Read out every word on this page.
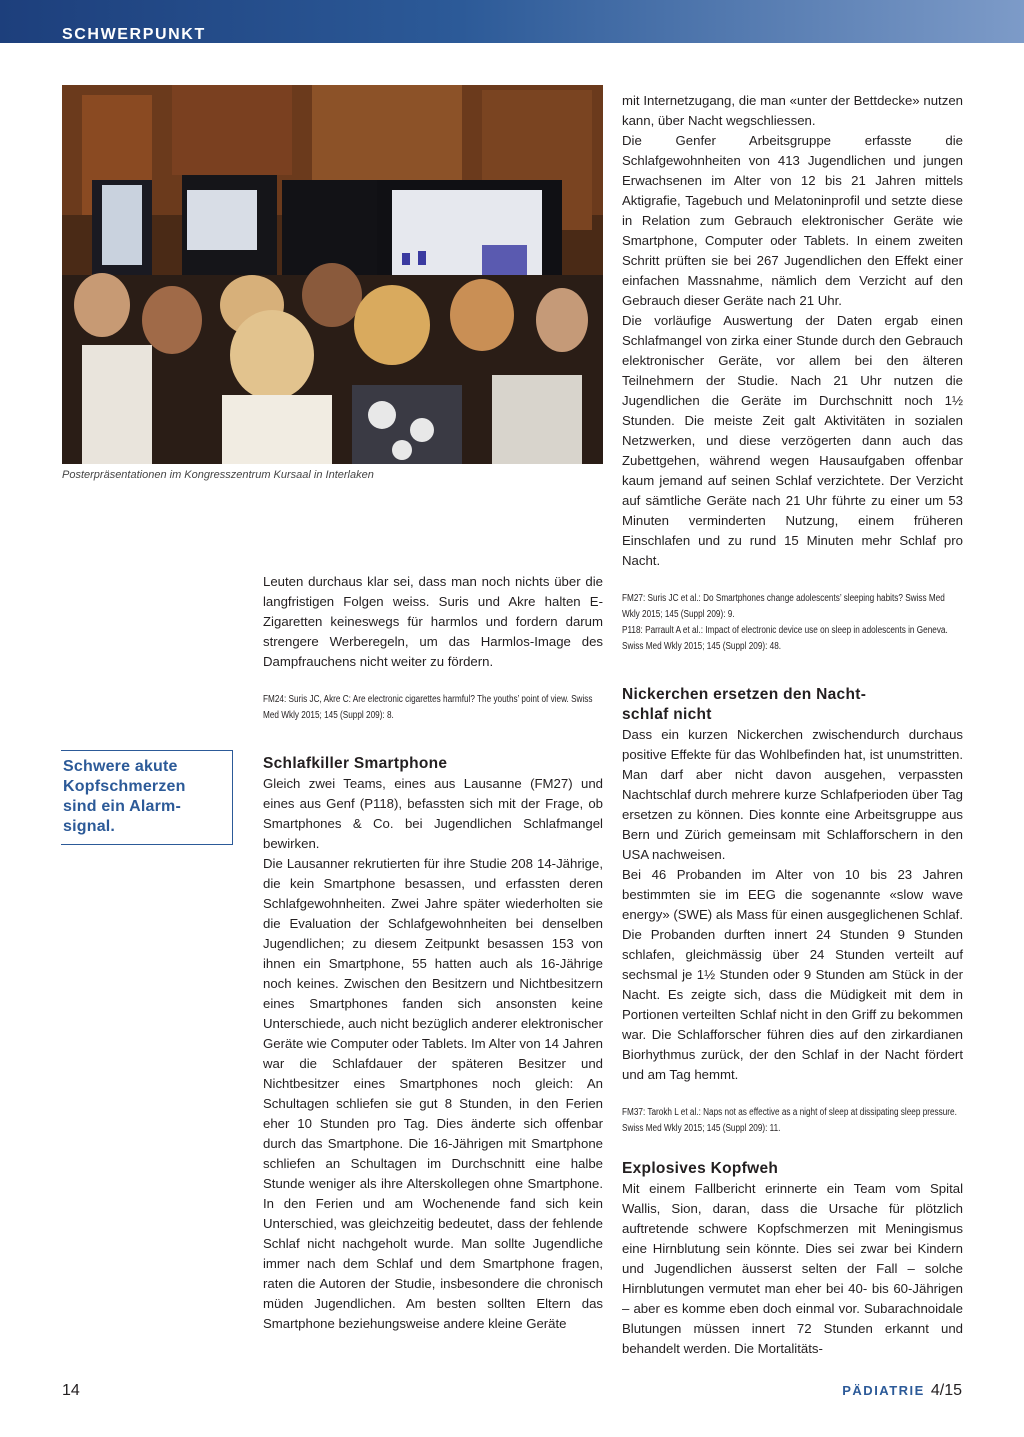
SCHWERPUNKT
Posterpräsentationen im Kongresszentrum Kursaal in Interlaken
Schwere akute
Kopfschmerzen
sind ein Alarm-
signal.

Leuten durchaus klar sei, dass man noch nichts über die langfristigen Folgen weiss. Suris und Akre halten E-Zigaretten keineswegs für harmlos und fordern darum strengere Werberegeln, um das Harmlos-Image des Dampfrauchens nicht weiter zu fördern.

FM24: Suris JC, Akre C: Are electronic cigarettes harmful? The youths’ point of view. Swiss Med Wkly 2015; 145 (Suppl 209): 8.

Schlafkiller Smartphone

Gleich zwei Teams, eines aus Lausanne (FM27) und eines aus Genf (P118), befassten sich mit der Frage, ob Smartphones & Co. bei Jugendlichen Schlafmangel bewirken.

Die Lausanner rekrutierten für ihre Studie 208 14-Jährige, die kein Smartphone besassen, und erfassten deren Schlafgewohnheiten. Zwei Jahre später wiederholten sie die Evaluation der Schlafgewohnheiten bei denselben Jugendlichen; zu diesem Zeitpunkt besassen 153 von ihnen ein Smartphone, 55 hatten auch als 16-Jährige noch keines. Zwischen den Besitzern und Nichtbesitzern eines Smartphones fanden sich ansonsten keine Unterschiede, auch nicht bezüglich anderer elektronischer Geräte wie Computer oder Tablets. Im Alter von 14 Jahren war die Schlafdauer der späteren Besitzer und Nichtbesitzer eines Smartphones noch gleich: An Schultagen schliefen sie gut 8 Stunden, in den Ferien eher 10 Stunden pro Tag. Dies änderte sich offenbar durch das Smartphone. Die 16-Jährigen mit Smartphone schliefen an Schultagen im Durchschnitt eine halbe Stunde weniger als ihre Alterskollegen ohne Smartphone. In den Ferien und am Wochenende fand sich kein Unterschied, was gleichzeitig bedeutet, dass der fehlende Schlaf nicht nachgeholt wurde. Man sollte Jugendliche immer nach dem Schlaf und dem Smartphone fragen, raten die Autoren der Studie, insbesondere die chronisch müden Jugendlichen. Am besten sollten Eltern das Smartphone beziehungsweise andere kleine Geräte

mit Internetzugang, die man «unter der Bettdecke» nutzen kann, über Nacht wegschliessen.

Die Genfer Arbeitsgruppe erfasste die Schlafgewohnheiten von 413 Jugendlichen und jungen Erwachsenen im Alter von 12 bis 21 Jahren mittels Aktigrafie, Tagebuch und Melatoninprofil und setzte diese in Relation zum Gebrauch elektronischer Geräte wie Smartphone, Computer oder Tablets. In einem zweiten Schritt prüften sie bei 267 Jugendlichen den Effekt einer einfachen Massnahme, nämlich dem Verzicht auf den Gebrauch dieser Geräte nach 21 Uhr.

Die vorläufige Auswertung der Daten ergab einen Schlafmangel von zirka einer Stunde durch den Gebrauch elektronischer Geräte, vor allem bei den älteren Teilnehmern der Studie. Nach 21 Uhr nutzen die Jugendlichen die Geräte im Durchschnitt noch 1½ Stunden. Die meiste Zeit galt Aktivitäten in sozialen Netzwerken, und diese verzögerten dann auch das Zubettgehen, während wegen Hausaufgaben offenbar kaum jemand auf seinen Schlaf verzichtete. Der Verzicht auf sämtliche Geräte nach 21 Uhr führte zu einer um 53 Minuten verminderten Nutzung, einem früheren Einschlafen und zu rund 15 Minuten mehr Schlaf pro Nacht.

FM27: Suris JC et al.: Do Smartphones change adolescents’ sleeping habits? Swiss Med Wkly 2015; 145 (Suppl 209): 9.

P118: Parrault A et al.: Impact of electronic device use on sleep in adolescents in Geneva. Swiss Med Wkly 2015; 145 (Suppl 209): 48.

Nickerchen ersetzen den Nacht-
schlaf nicht

Dass ein kurzen Nickerchen zwischendurch durchaus positive Effekte für das Wohlbefinden hat, ist unumstritten. Man darf aber nicht davon ausgehen, verpassten Nachtschlaf durch mehrere kurze Schlafperioden über Tag ersetzen zu können. Dies konnte eine Arbeitsgruppe aus Bern und Zürich gemeinsam mit Schlafforschern in den USA nachweisen.

Bei 46 Probanden im Alter von 10 bis 23 Jahren bestimmten sie im EEG die sogenannte «slow wave energy» (SWE) als Mass für einen ausgeglichenen Schlaf. Die Probanden durften innert 24 Stunden 9 Stunden schlafen, gleichmässig über 24 Stunden verteilt auf sechsmal je 1½ Stunden oder 9 Stunden am Stück in der Nacht. Es zeigte sich, dass die Müdigkeit mit dem in Portionen verteilten Schlaf nicht in den Griff zu bekommen war. Die Schlafforscher führen dies auf den zirkardianen Biorhythmus zurück, der den Schlaf in der Nacht fördert und am Tag hemmt.

FM37: Tarokh L et al.: Naps not as effective as a night of sleep at dissipating sleep pressure. Swiss Med Wkly 2015; 145 (Suppl 209): 11.

Explosives Kopfweh

Mit einem Fallbericht erinnerte ein Team vom Spital Wallis, Sion, daran, dass die Ursache für plötzlich auftretende schwere Kopfschmerzen mit Meningismus eine Hirnblutung sein könnte. Dies sei zwar bei Kindern und Jugendlichen äusserst selten der Fall – solche Hirnblutungen vermutet man eher bei 40- bis 60-Jährigen – aber es komme eben doch einmal vor. Subarachnoidale Blutungen müssen innert 72 Stunden erkannt und behandelt werden. Die Mortalitäts-

14	PÄDIATRIE 4/15
